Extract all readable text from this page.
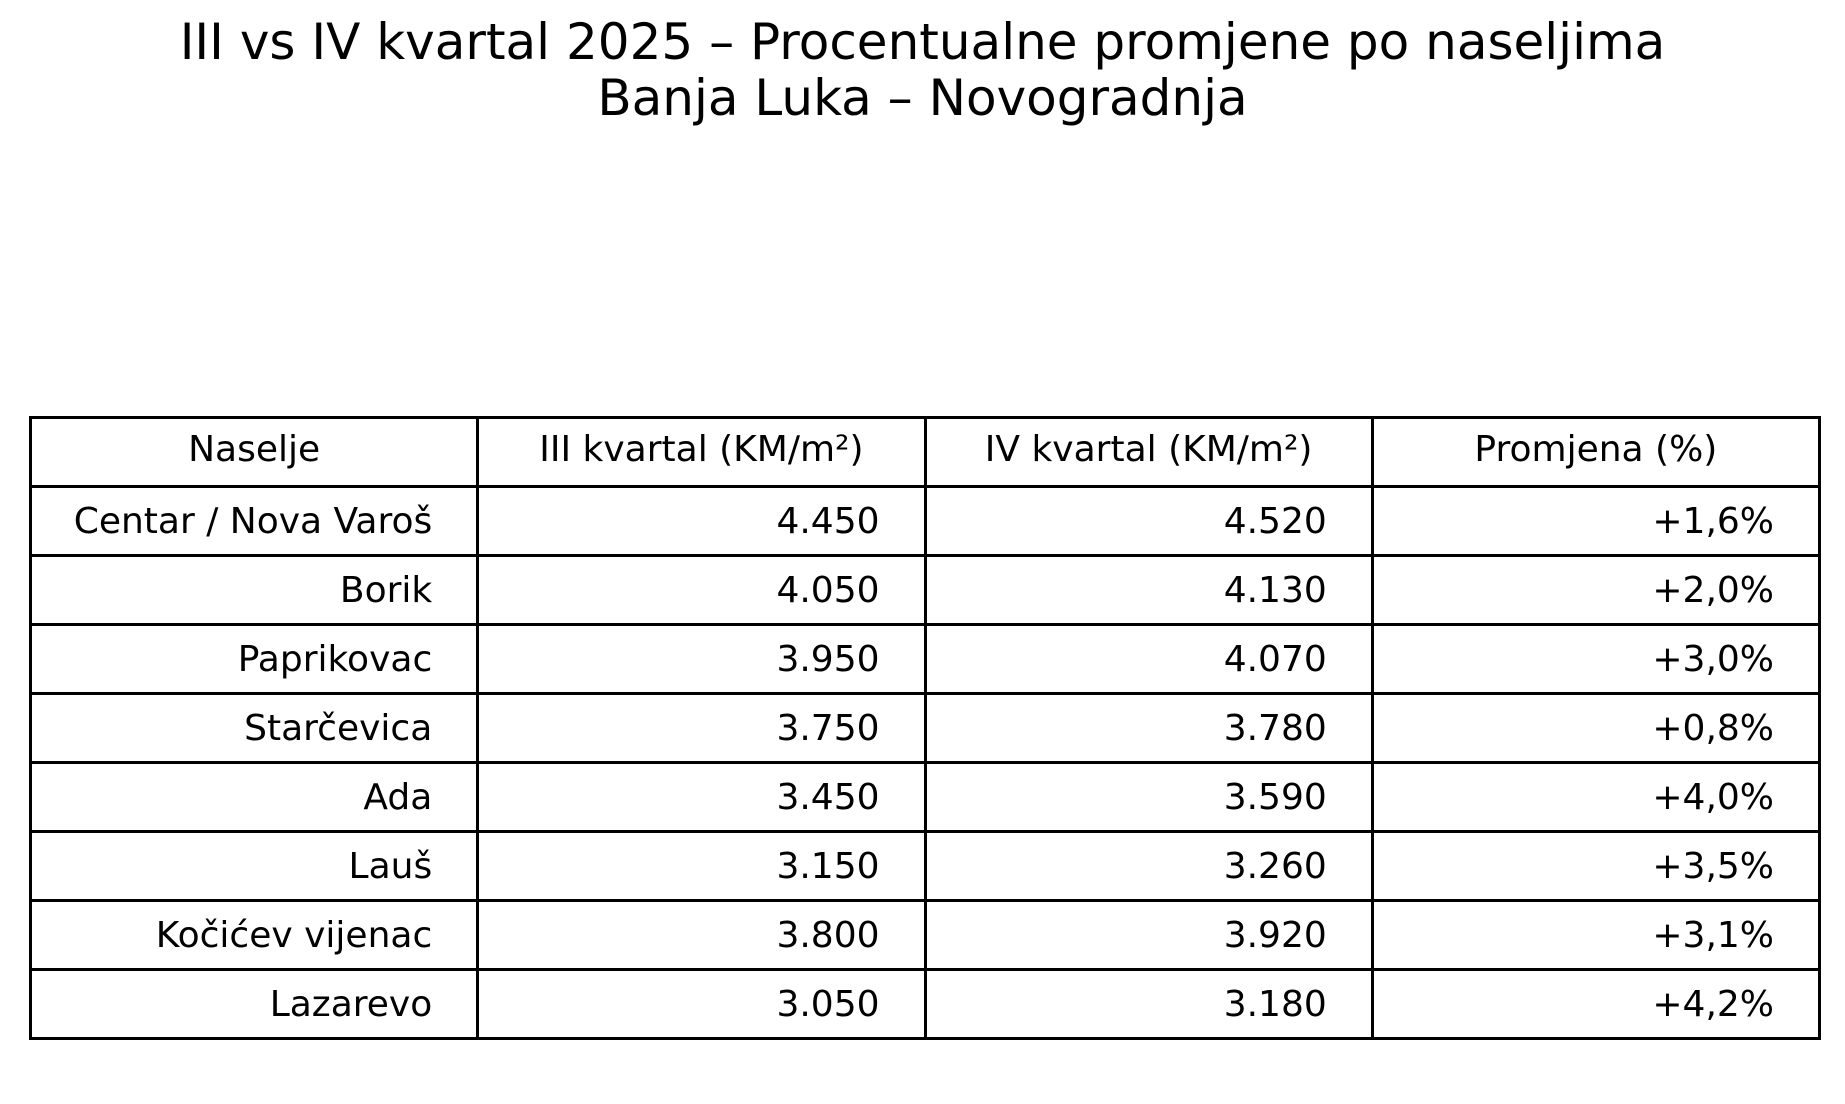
III vs IV kvartal 2025 – Procentualne promjene po naseljima
Banja Luka – Novogradnja
Naselje	III kvartal (KM/m²)	IV kvartal (KM/m²)	Promjena (%)
Centar / Nova Varoš	4.450	4.520	+1,6%
Borik	4.050	4.130	+2,0%
Paprikovac	3.950	4.070	+3,0%
Starčevica	3.750	3.780	+0,8%
Ada	3.450	3.590	+4,0%
Lauš	3.150	3.260	+3,5%
Kočićev vijenac	3.800	3.920	+3,1%
Lazarevo	3.050	3.180	+4,2%
